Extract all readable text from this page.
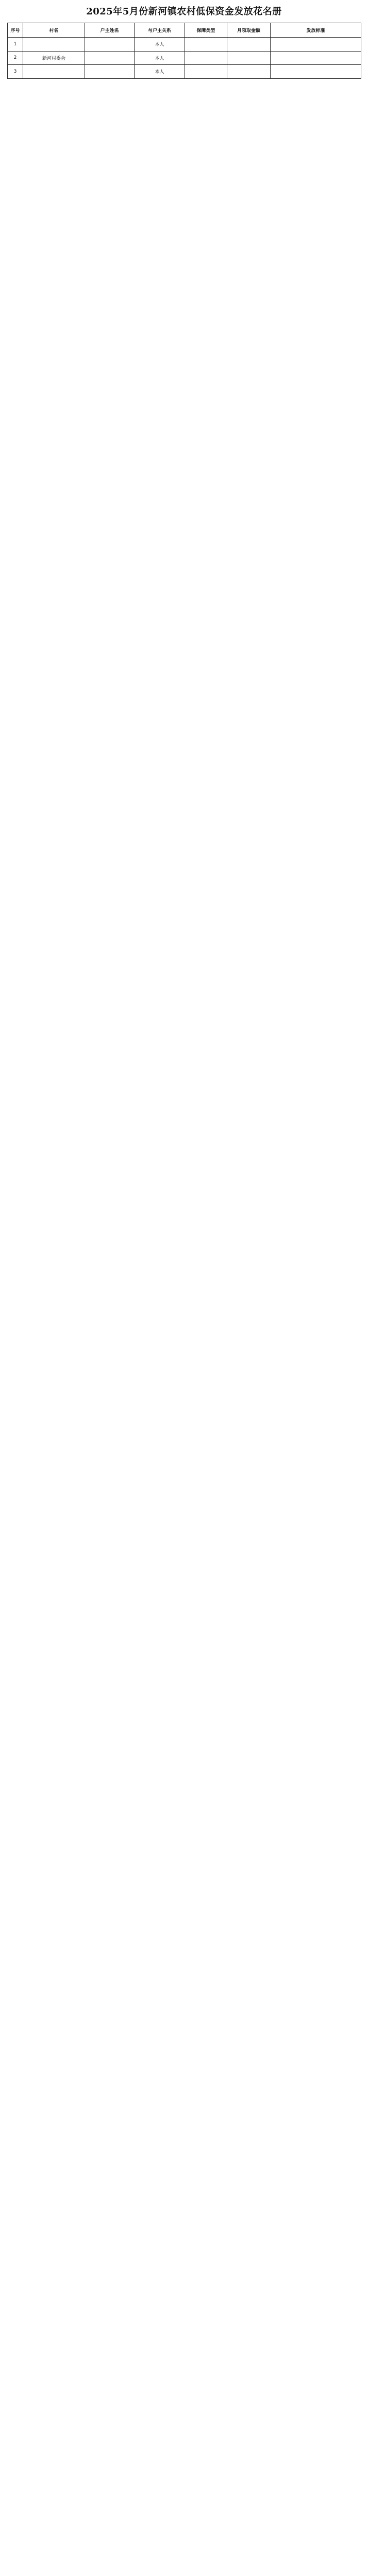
2025年5月份新河镇农村低保资金发放花名册
序号	村名	户主姓名	与户主关系	保障类型	月领取金额	发放标准
1			本人			
2	新河村委会		本人			
3			本人			
